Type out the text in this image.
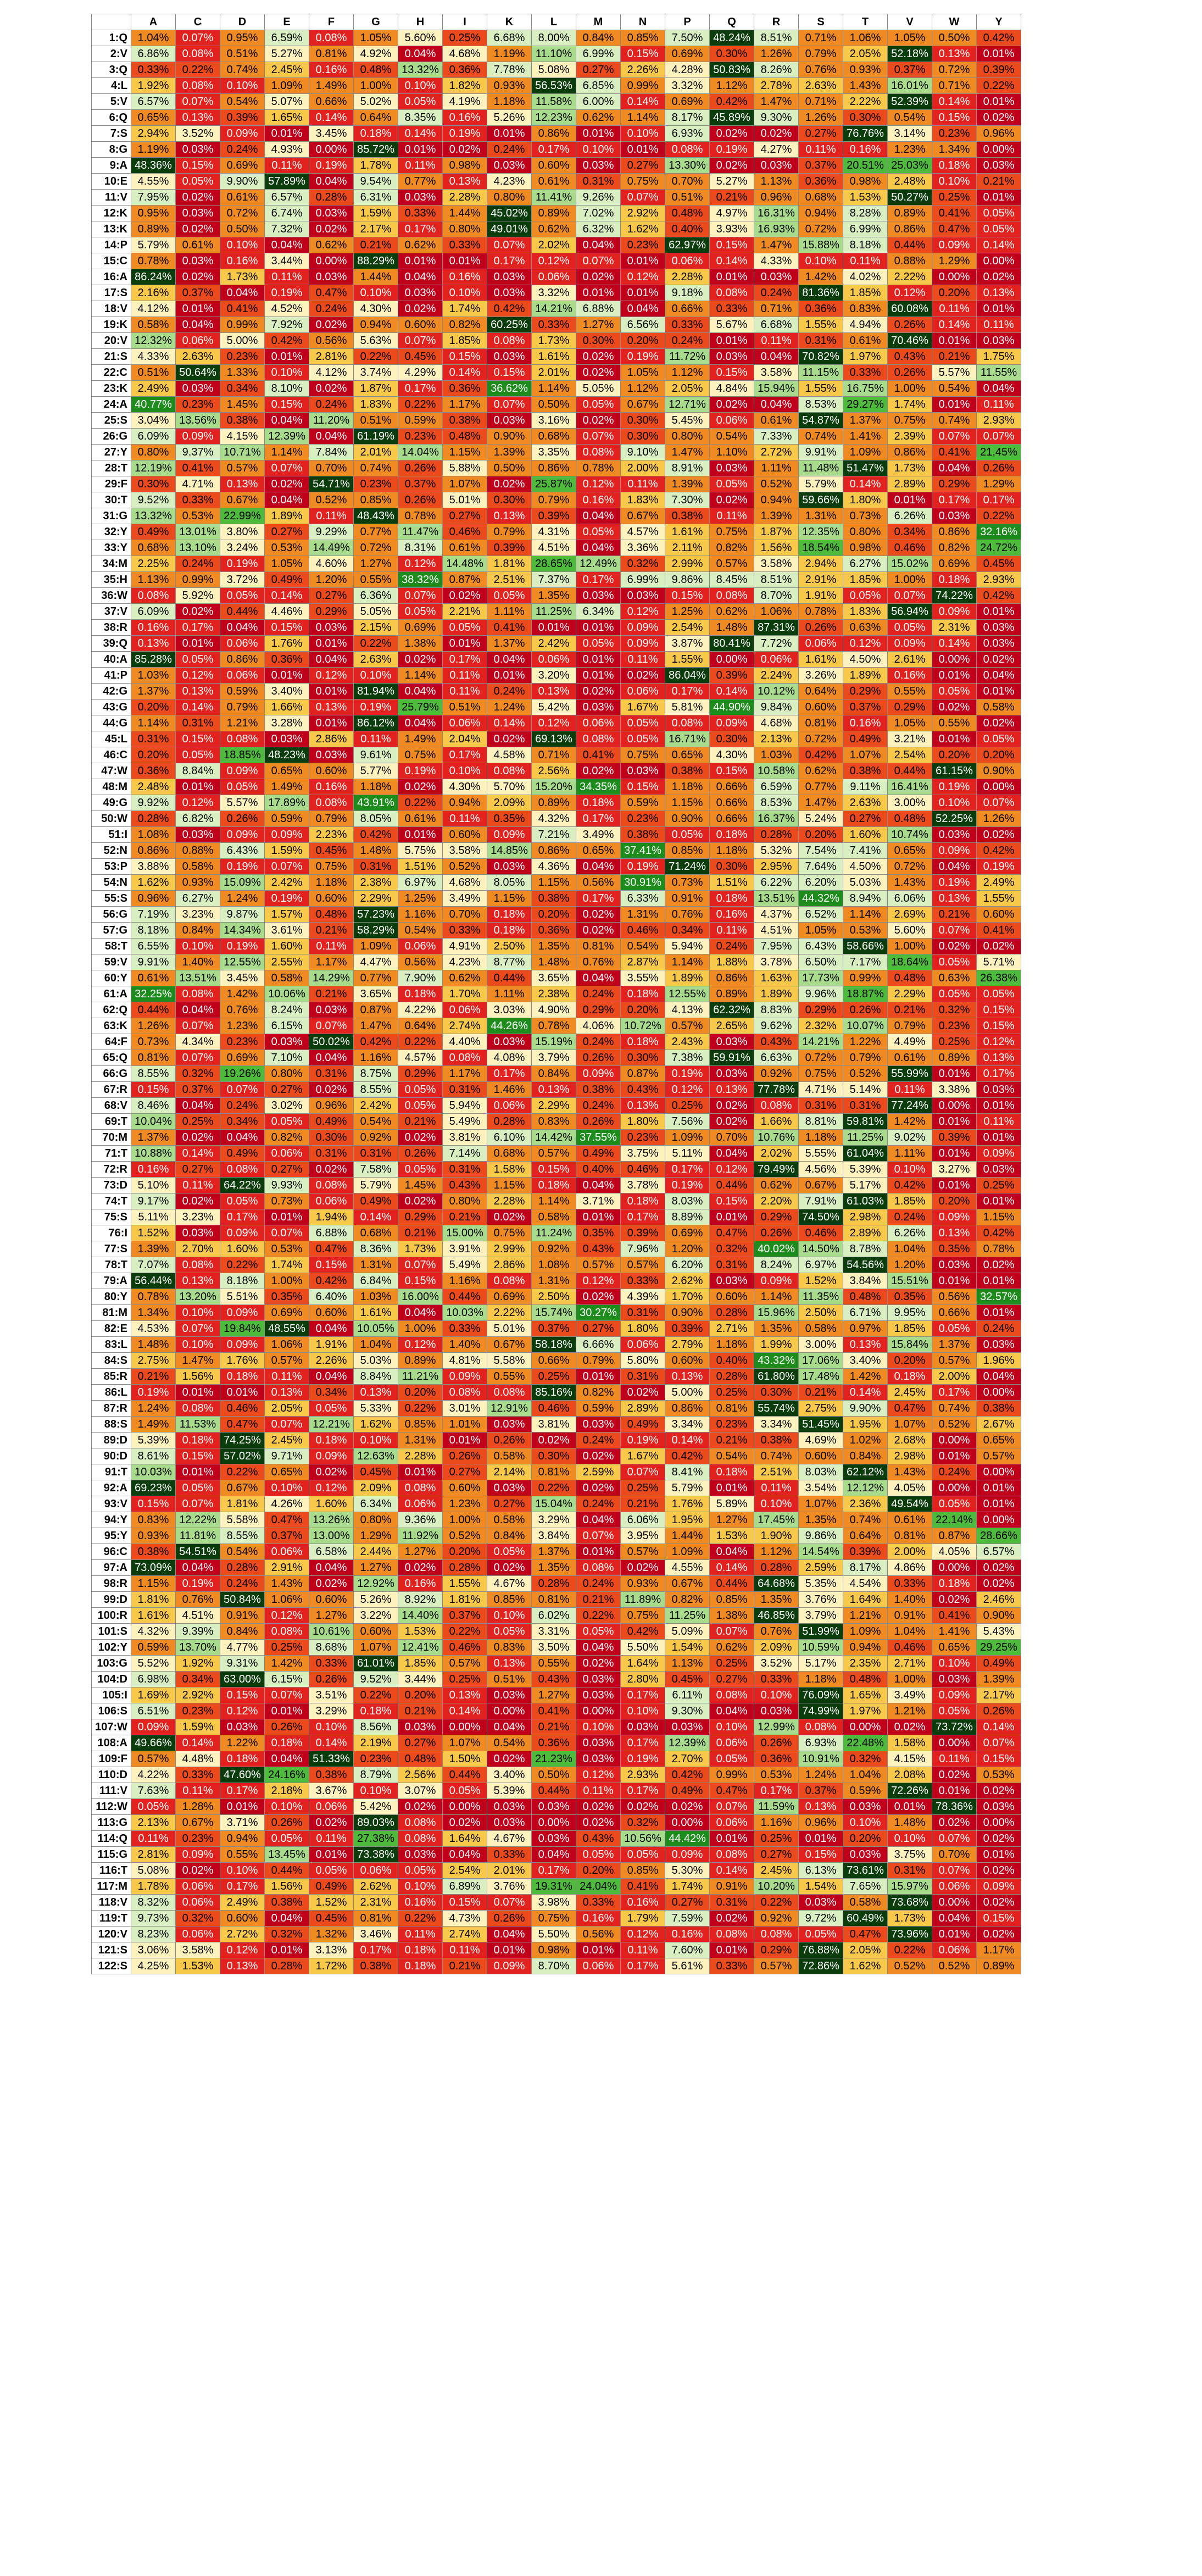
	A	C	D	E	F	G	H	I	K	L	M	N	P	Q	R	S	T	V	W	Y
1:Q	1.04%	0.07%	0.95%	6.59%	0.08%	1.05%	5.60%	0.25%	6.68%	8.00%	0.84%	0.85%	7.50%	48.24%	8.51%	0.71%	1.06%	1.05%	0.50%	0.42%
2:V	6.86%	0.08%	0.51%	5.27%	0.81%	4.92%	0.04%	4.68%	1.19%	11.10%	6.99%	0.15%	0.69%	0.30%	1.26%	0.79%	2.05%	52.18%	0.13%	0.01%
3:Q	0.33%	0.22%	0.74%	2.45%	0.16%	0.48%	13.32%	0.36%	7.78%	5.08%	0.27%	2.26%	4.28%	50.83%	8.26%	0.76%	0.93%	0.37%	0.72%	0.39%
4:L	1.92%	0.08%	0.10%	1.09%	1.49%	1.00%	0.10%	1.82%	0.93%	56.53%	6.85%	0.99%	3.32%	1.12%	2.78%	2.63%	1.43%	16.01%	0.71%	0.22%
5:V	6.57%	0.07%	0.54%	5.07%	0.66%	5.02%	0.05%	4.19%	1.18%	11.58%	6.00%	0.14%	0.69%	0.42%	1.47%	0.71%	2.22%	52.39%	0.14%	0.01%
6:Q	0.65%	0.13%	0.39%	1.65%	0.14%	0.64%	8.35%	0.16%	5.26%	12.23%	0.62%	1.14%	8.17%	45.89%	9.30%	1.26%	0.30%	0.54%	0.15%	0.02%
7:S	2.94%	3.52%	0.09%	0.01%	3.45%	0.18%	0.14%	0.19%	0.01%	0.86%	0.01%	0.10%	6.93%	0.02%	0.02%	0.27%	76.76%	3.14%	0.23%	0.96%
8:G	1.19%	0.03%	0.24%	4.93%	0.00%	85.72%	0.01%	0.02%	0.24%	0.17%	0.10%	0.01%	0.08%	0.19%	4.27%	0.11%	0.16%	1.23%	1.34%	0.00%
9:A	48.36%	0.15%	0.69%	0.11%	0.19%	1.78%	0.11%	0.98%	0.03%	0.60%	0.03%	0.27%	13.30%	0.02%	0.03%	0.37%	20.51%	25.03%	0.18%	0.03%
10:E	4.55%	0.05%	9.90%	57.89%	0.04%	9.54%	0.77%	0.13%	4.23%	0.61%	0.31%	0.75%	0.70%	5.27%	1.13%	0.36%	0.98%	2.48%	0.10%	0.21%
11:V	7.95%	0.02%	0.61%	6.57%	0.28%	6.31%	0.03%	2.28%	0.80%	11.41%	9.26%	0.07%	0.51%	0.21%	0.96%	0.68%	1.53%	50.27%	0.25%	0.01%
12:K	0.95%	0.03%	0.72%	6.74%	0.03%	1.59%	0.33%	1.44%	45.02%	0.89%	7.02%	2.92%	0.48%	4.97%	16.31%	0.94%	8.28%	0.89%	0.41%	0.05%
13:K	0.89%	0.02%	0.50%	7.32%	0.02%	2.17%	0.17%	0.80%	49.01%	0.62%	6.32%	1.62%	0.40%	3.93%	16.93%	0.72%	6.99%	0.86%	0.47%	0.05%
14:P	5.79%	0.61%	0.10%	0.04%	0.62%	0.21%	0.62%	0.33%	0.07%	2.02%	0.04%	0.23%	62.97%	0.15%	1.47%	15.88%	8.18%	0.44%	0.09%	0.14%
15:C	0.78%	0.03%	0.16%	3.44%	0.00%	88.29%	0.01%	0.01%	0.17%	0.12%	0.07%	0.01%	0.06%	0.14%	4.33%	0.10%	0.11%	0.88%	1.29%	0.00%
16:A	86.24%	0.02%	1.73%	0.11%	0.03%	1.44%	0.04%	0.16%	0.03%	0.06%	0.02%	0.12%	2.28%	0.01%	0.03%	1.42%	4.02%	2.22%	0.00%	0.02%
17:S	2.16%	0.37%	0.04%	0.19%	0.47%	0.10%	0.03%	0.10%	0.03%	3.32%	0.01%	0.01%	9.18%	0.08%	0.24%	81.36%	1.85%	0.12%	0.20%	0.13%
18:V	4.12%	0.01%	0.41%	4.52%	0.24%	4.30%	0.02%	1.74%	0.42%	14.21%	6.88%	0.04%	0.66%	0.33%	0.71%	0.36%	0.83%	60.08%	0.11%	0.01%
19:K	0.58%	0.04%	0.99%	7.92%	0.02%	0.94%	0.60%	0.82%	60.25%	0.33%	1.27%	6.56%	0.33%	5.67%	6.68%	1.55%	4.94%	0.26%	0.14%	0.11%
20:V	12.32%	0.06%	5.00%	0.42%	0.56%	5.63%	0.07%	1.85%	0.08%	1.73%	0.30%	0.20%	0.24%	0.01%	0.11%	0.31%	0.61%	70.46%	0.01%	0.03%
21:S	4.33%	2.63%	0.23%	0.01%	2.81%	0.22%	0.45%	0.15%	0.03%	1.61%	0.02%	0.19%	11.72%	0.03%	0.04%	70.82%	1.97%	0.43%	0.21%	1.75%
22:C	0.51%	50.64%	1.33%	0.10%	4.12%	3.74%	4.29%	0.14%	0.15%	2.01%	0.02%	1.05%	1.12%	0.15%	3.58%	11.15%	0.33%	0.26%	5.57%	11.55%
23:K	2.49%	0.03%	0.34%	8.10%	0.02%	1.87%	0.17%	0.36%	36.62%	1.14%	5.05%	1.12%	2.05%	4.84%	15.94%	1.55%	16.75%	1.00%	0.54%	0.04%
24:A	40.77%	0.23%	1.45%	0.15%	0.24%	1.83%	0.22%	1.17%	0.07%	0.50%	0.05%	0.67%	12.71%	0.02%	0.04%	8.53%	29.27%	1.74%	0.01%	0.11%
25:S	3.04%	13.56%	0.38%	0.04%	11.20%	0.51%	0.59%	0.38%	0.03%	3.16%	0.02%	0.30%	5.45%	0.06%	0.61%	54.87%	1.37%	0.75%	0.74%	2.93%
26:G	6.09%	0.09%	4.15%	12.39%	0.04%	61.19%	0.23%	0.48%	0.90%	0.68%	0.07%	0.30%	0.80%	0.54%	7.33%	0.74%	1.41%	2.39%	0.07%	0.07%
27:Y	0.80%	9.37%	10.71%	1.14%	7.84%	2.01%	14.04%	1.15%	1.39%	3.35%	0.08%	9.10%	1.47%	1.10%	2.72%	9.91%	1.09%	0.86%	0.41%	21.45%
28:T	12.19%	0.41%	0.57%	0.07%	0.70%	0.74%	0.26%	5.88%	0.50%	0.86%	0.78%	2.00%	8.91%	0.03%	1.11%	11.48%	51.47%	1.73%	0.04%	0.26%
29:F	0.30%	4.71%	0.13%	0.02%	54.71%	0.23%	0.37%	1.07%	0.02%	25.87%	0.12%	0.11%	1.39%	0.05%	0.52%	5.79%	0.14%	2.89%	0.29%	1.29%
30:T	9.52%	0.33%	0.67%	0.04%	0.52%	0.85%	0.26%	5.01%	0.30%	0.79%	0.16%	1.83%	7.30%	0.02%	0.94%	59.66%	1.80%	0.01%	0.17%	0.17%
31:G	13.32%	0.53%	22.99%	1.89%	0.11%	48.43%	0.78%	0.27%	0.13%	0.39%	0.04%	0.67%	0.38%	0.11%	1.39%	1.31%	0.73%	6.26%	0.03%	0.22%
32:Y	0.49%	13.01%	3.80%	0.27%	9.29%	0.77%	11.47%	0.46%	0.79%	4.31%	0.05%	4.57%	1.61%	0.75%	1.87%	12.35%	0.80%	0.34%	0.86%	32.16%
33:Y	0.68%	13.10%	3.24%	0.53%	14.49%	0.72%	8.31%	0.61%	0.39%	4.51%	0.04%	3.36%	2.11%	0.82%	1.56%	18.54%	0.98%	0.46%	0.82%	24.72%
34:M	2.25%	0.24%	0.19%	1.05%	4.60%	1.27%	0.12%	14.48%	1.81%	28.65%	12.49%	0.32%	2.99%	0.57%	3.58%	2.94%	6.27%	15.02%	0.69%	0.45%
35:H	1.13%	0.99%	3.72%	0.49%	1.20%	0.55%	38.32%	0.87%	2.51%	7.37%	0.17%	6.99%	9.86%	8.45%	8.51%	2.91%	1.85%	1.00%	0.18%	2.93%
36:W	0.08%	5.92%	0.05%	0.14%	0.27%	6.36%	0.07%	0.02%	0.05%	1.35%	0.03%	0.03%	0.15%	0.08%	8.70%	1.91%	0.05%	0.07%	74.22%	0.42%
37:V	6.09%	0.02%	0.44%	4.46%	0.29%	5.05%	0.05%	2.21%	1.11%	11.25%	6.34%	0.12%	1.25%	0.62%	1.06%	0.78%	1.83%	56.94%	0.09%	0.01%
38:R	0.16%	0.17%	0.04%	0.15%	0.03%	2.15%	0.69%	0.05%	0.41%	0.01%	0.01%	0.09%	2.54%	1.48%	87.31%	0.26%	0.63%	0.05%	2.31%	0.03%
39:Q	0.13%	0.01%	0.06%	1.76%	0.01%	0.22%	1.38%	0.01%	1.37%	2.42%	0.05%	0.09%	3.87%	80.41%	7.72%	0.06%	0.12%	0.09%	0.14%	0.03%
40:A	85.28%	0.05%	0.86%	0.36%	0.04%	2.63%	0.02%	0.17%	0.04%	0.06%	0.01%	0.11%	1.55%	0.00%	0.06%	1.61%	4.50%	2.61%	0.00%	0.02%
41:P	1.03%	0.12%	0.06%	0.01%	0.12%	0.10%	1.14%	0.11%	0.01%	3.20%	0.01%	0.02%	86.04%	0.39%	2.24%	3.26%	1.89%	0.16%	0.01%	0.04%
42:G	1.37%	0.13%	0.59%	3.40%	0.01%	81.94%	0.04%	0.11%	0.24%	0.13%	0.02%	0.06%	0.17%	0.14%	10.12%	0.64%	0.29%	0.55%	0.05%	0.01%
43:G	0.20%	0.14%	0.79%	1.66%	0.13%	0.19%	25.79%	0.51%	1.24%	5.42%	0.03%	1.67%	5.81%	44.90%	9.84%	0.60%	0.37%	0.29%	0.02%	0.58%
44:G	1.14%	0.31%	1.21%	3.28%	0.01%	86.12%	0.04%	0.06%	0.14%	0.12%	0.06%	0.05%	0.08%	0.09%	4.68%	0.81%	0.16%	1.05%	0.55%	0.02%
45:L	0.31%	0.15%	0.08%	0.03%	2.86%	0.11%	1.49%	2.04%	0.02%	69.13%	0.08%	0.05%	16.71%	0.30%	2.13%	0.72%	0.49%	3.21%	0.01%	0.05%
46:C	0.20%	0.05%	18.85%	48.23%	0.03%	9.61%	0.75%	0.17%	4.58%	0.71%	0.41%	0.75%	0.65%	4.30%	1.03%	0.42%	1.07%	2.54%	0.20%	0.20%
47:W	0.36%	8.84%	0.09%	0.65%	0.60%	5.77%	0.19%	0.10%	0.08%	2.56%	0.02%	0.03%	0.38%	0.15%	10.58%	0.62%	0.38%	0.44%	61.15%	0.90%
48:M	2.48%	0.01%	0.05%	1.49%	0.16%	1.18%	0.02%	4.30%	5.70%	15.20%	34.35%	0.15%	1.18%	0.66%	6.59%	0.77%	9.11%	16.41%	0.19%	0.00%
49:G	9.92%	0.12%	5.57%	17.89%	0.08%	43.91%	0.22%	0.94%	2.09%	0.89%	0.18%	0.59%	1.15%	0.66%	8.53%	1.47%	2.63%	3.00%	0.10%	0.07%
50:W	0.28%	6.82%	0.26%	0.59%	0.79%	8.05%	0.61%	0.11%	0.35%	4.32%	0.17%	0.23%	0.90%	0.66%	16.37%	5.24%	0.27%	0.48%	52.25%	1.26%
51:I	1.08%	0.03%	0.09%	0.09%	2.23%	0.42%	0.01%	0.60%	0.09%	7.21%	3.49%	0.38%	0.05%	0.18%	0.28%	0.20%	1.60%	10.74%	0.03%	0.02%
52:N	0.86%	0.88%	6.43%	1.59%	0.45%	1.48%	5.75%	3.58%	14.85%	0.86%	0.65%	37.41%	0.85%	1.18%	5.32%	7.54%	7.41%	0.65%	0.09%	0.42%
53:P	3.88%	0.58%	0.19%	0.07%	0.75%	0.31%	1.51%	0.52%	0.03%	4.36%	0.04%	0.19%	71.24%	0.30%	2.95%	7.64%	4.50%	0.72%	0.04%	0.19%
54:N	1.62%	0.93%	15.09%	2.42%	1.18%	2.38%	6.97%	4.68%	8.05%	1.15%	0.56%	30.91%	0.73%	1.51%	6.22%	6.20%	5.03%	1.43%	0.19%	2.49%
55:S	0.96%	6.27%	1.24%	0.19%	0.60%	2.29%	1.25%	3.49%	1.15%	0.38%	0.17%	6.33%	0.91%	0.18%	13.51%	44.32%	8.94%	6.06%	0.13%	1.55%
56:G	7.19%	3.23%	9.87%	1.57%	0.48%	57.23%	1.16%	0.70%	0.18%	0.20%	0.02%	1.31%	0.76%	0.16%	4.37%	6.52%	1.14%	2.69%	0.21%	0.60%
57:G	8.18%	0.84%	14.34%	3.61%	0.21%	58.29%	0.54%	0.33%	0.18%	0.36%	0.02%	0.46%	0.34%	0.11%	4.51%	1.05%	0.53%	5.60%	0.07%	0.41%
58:T	6.55%	0.10%	0.19%	1.60%	0.11%	1.09%	0.06%	4.91%	2.50%	1.35%	0.81%	0.54%	5.94%	0.24%	7.95%	6.43%	58.66%	1.00%	0.02%	0.02%
59:V	9.91%	1.40%	12.55%	2.55%	1.17%	4.47%	0.56%	4.23%	8.77%	1.48%	0.76%	2.87%	1.14%	1.88%	3.78%	6.50%	7.17%	18.64%	0.05%	5.71%
60:Y	0.61%	13.51%	3.45%	0.58%	14.29%	0.77%	7.90%	0.62%	0.44%	3.65%	0.04%	3.55%	1.89%	0.86%	1.63%	17.73%	0.99%	0.48%	0.63%	26.38%
61:A	32.25%	0.08%	1.42%	10.06%	0.21%	3.65%	0.18%	1.70%	1.11%	2.38%	0.24%	0.18%	12.55%	0.89%	1.89%	9.96%	18.87%	2.29%	0.05%	0.05%
62:Q	0.44%	0.04%	0.76%	8.24%	0.03%	0.87%	4.22%	0.06%	3.03%	4.90%	0.29%	0.20%	4.13%	62.32%	8.83%	0.29%	0.26%	0.21%	0.32%	0.15%
63:K	1.26%	0.07%	1.23%	6.15%	0.07%	1.47%	0.64%	2.74%	44.26%	0.78%	4.06%	10.72%	0.57%	2.65%	9.62%	2.32%	10.07%	0.79%	0.23%	0.15%
64:F	0.73%	4.34%	0.23%	0.03%	50.02%	0.42%	0.22%	4.40%	0.03%	15.19%	0.24%	0.18%	2.43%	0.03%	0.43%	14.21%	1.22%	4.49%	0.25%	0.12%
65:Q	0.81%	0.07%	0.69%	7.10%	0.04%	1.16%	4.57%	0.08%	4.08%	3.79%	0.26%	0.30%	7.38%	59.91%	6.63%	0.72%	0.79%	0.61%	0.89%	0.13%
66:G	8.55%	0.32%	19.26%	0.80%	0.31%	8.75%	0.29%	1.17%	0.17%	0.84%	0.09%	0.87%	0.19%	0.03%	0.92%	0.75%	0.52%	55.99%	0.01%	0.17%
67:R	0.15%	0.37%	0.07%	0.27%	0.02%	8.55%	0.05%	0.31%	1.46%	0.13%	0.38%	0.43%	0.12%	0.13%	77.78%	4.71%	5.14%	0.11%	3.38%	0.03%
68:V	8.46%	0.04%	0.24%	3.02%	0.96%	2.42%	0.05%	5.94%	0.06%	2.29%	0.24%	0.13%	0.25%	0.02%	0.08%	0.31%	0.31%	77.24%	0.00%	0.01%
69:T	10.04%	0.25%	0.34%	0.05%	0.49%	0.54%	0.21%	5.49%	0.28%	0.83%	0.26%	1.80%	7.56%	0.02%	1.66%	8.81%	59.81%	1.42%	0.01%	0.11%
70:M	1.37%	0.02%	0.04%	0.82%	0.30%	0.92%	0.02%	3.81%	6.10%	14.42%	37.55%	0.23%	1.09%	0.70%	10.76%	1.18%	11.25%	9.02%	0.39%	0.01%
71:T	10.88%	0.14%	0.49%	0.06%	0.31%	0.31%	0.26%	7.14%	0.68%	0.57%	0.49%	3.75%	5.11%	0.04%	2.02%	5.55%	61.04%	1.11%	0.01%	0.09%
72:R	0.16%	0.27%	0.08%	0.27%	0.02%	7.58%	0.05%	0.31%	1.58%	0.15%	0.40%	0.46%	0.17%	0.12%	79.49%	4.56%	5.39%	0.10%	3.27%	0.03%
73:D	5.10%	0.11%	64.22%	9.93%	0.08%	5.79%	1.45%	0.43%	1.15%	0.18%	0.04%	3.78%	0.19%	0.44%	0.62%	0.67%	5.17%	0.42%	0.01%	0.25%
74:T	9.17%	0.02%	0.05%	0.73%	0.06%	0.49%	0.02%	0.80%	2.28%	1.14%	3.71%	0.18%	8.03%	0.15%	2.20%	7.91%	61.03%	1.85%	0.20%	0.01%
75:S	5.11%	3.23%	0.17%	0.01%	1.94%	0.14%	0.29%	0.21%	0.02%	0.58%	0.01%	0.17%	8.89%	0.01%	0.29%	74.50%	2.98%	0.24%	0.09%	1.15%
76:I	1.52%	0.03%	0.09%	0.07%	6.88%	0.68%	0.21%	15.00%	0.75%	11.24%	0.35%	0.39%	0.69%	0.47%	0.26%	0.46%	2.89%	6.26%	0.13%	0.42%
77:S	1.39%	2.70%	1.60%	0.53%	0.47%	8.36%	1.73%	3.91%	2.99%	0.92%	0.43%	7.96%	1.20%	0.32%	40.02%	14.50%	8.78%	1.04%	0.35%	0.78%
78:T	7.07%	0.08%	0.22%	1.74%	0.15%	1.31%	0.07%	5.49%	2.86%	1.08%	0.57%	0.57%	6.20%	0.31%	8.24%	6.97%	54.56%	1.20%	0.03%	0.02%
79:A	56.44%	0.13%	8.18%	1.00%	0.42%	6.84%	0.15%	1.16%	0.08%	1.31%	0.12%	0.33%	2.62%	0.03%	0.09%	1.52%	3.84%	15.51%	0.01%	0.01%
80:Y	0.78%	13.20%	5.51%	0.35%	6.40%	1.03%	16.00%	0.44%	0.69%	2.50%	0.02%	4.39%	1.70%	0.60%	1.14%	11.35%	0.48%	0.35%	0.56%	32.57%
81:M	1.34%	0.10%	0.09%	0.69%	0.60%	1.61%	0.04%	10.03%	2.22%	15.74%	30.27%	0.31%	0.90%	0.28%	15.96%	2.50%	6.71%	9.95%	0.66%	0.01%
82:E	4.53%	0.07%	19.84%	48.55%	0.04%	10.05%	1.00%	0.33%	5.01%	0.37%	0.27%	1.80%	0.39%	2.71%	1.35%	0.58%	0.97%	1.85%	0.05%	0.24%
83:L	1.48%	0.10%	0.09%	1.06%	1.91%	1.04%	0.12%	1.40%	0.67%	58.18%	6.66%	0.06%	2.79%	1.18%	1.99%	3.00%	0.13%	15.84%	1.37%	0.03%
84:S	2.75%	1.47%	1.76%	0.57%	2.26%	5.03%	0.89%	4.81%	5.58%	0.66%	0.79%	5.80%	0.60%	0.40%	43.32%	17.06%	3.40%	0.20%	0.57%	1.96%
85:R	0.21%	1.56%	0.18%	0.11%	0.04%	8.84%	11.21%	0.09%	0.55%	0.25%	0.01%	0.31%	0.13%	0.28%	61.80%	17.48%	1.42%	0.18%	2.00%	0.04%
86:L	0.19%	0.01%	0.01%	0.13%	0.34%	0.13%	0.20%	0.08%	0.08%	85.16%	0.82%	0.02%	5.00%	0.25%	0.30%	0.21%	0.14%	2.45%	0.17%	0.00%
87:R	1.24%	0.08%	0.46%	2.05%	0.05%	5.33%	0.22%	3.01%	12.91%	0.46%	0.59%	2.89%	0.86%	0.81%	55.74%	2.75%	9.90%	0.47%	0.74%	0.38%
88:S	1.49%	11.53%	0.47%	0.07%	12.21%	1.62%	0.85%	1.01%	0.03%	3.81%	0.03%	0.49%	3.34%	0.23%	3.34%	51.45%	1.95%	1.07%	0.52%	2.67%
89:D	5.39%	0.18%	74.25%	2.45%	0.18%	0.10%	1.31%	0.01%	0.26%	0.02%	0.24%	0.19%	0.14%	0.21%	0.38%	4.69%	1.02%	2.68%	0.00%	0.65%
90:D	8.61%	0.15%	57.02%	9.71%	0.09%	12.63%	2.28%	0.26%	0.58%	0.30%	0.02%	1.67%	0.42%	0.54%	0.74%	0.60%	0.84%	2.98%	0.01%	0.57%
91:T	10.03%	0.01%	0.22%	0.65%	0.02%	0.45%	0.01%	0.27%	2.14%	0.81%	2.59%	0.07%	8.41%	0.18%	2.51%	8.03%	62.12%	1.43%	0.24%	0.00%
92:A	69.23%	0.05%	0.67%	0.10%	0.12%	2.09%	0.08%	0.60%	0.03%	0.22%	0.02%	0.25%	5.79%	0.01%	0.11%	3.54%	12.12%	4.05%	0.00%	0.01%
93:V	0.15%	0.07%	1.81%	4.26%	1.60%	6.34%	0.06%	1.23%	0.27%	15.04%	0.24%	0.21%	1.76%	5.89%	0.10%	1.07%	2.36%	49.54%	0.05%	0.01%
94:Y	0.83%	12.22%	5.58%	0.47%	13.26%	0.80%	9.36%	1.00%	0.58%	3.29%	0.04%	6.06%	1.95%	1.27%	17.45%	1.35%	0.74%	0.61%	22.14%	0.00%
95:Y	0.93%	11.81%	8.55%	0.37%	13.00%	1.29%	11.92%	0.52%	0.84%	3.84%	0.07%	3.95%	1.44%	1.53%	1.90%	9.86%	0.64%	0.81%	0.87%	28.66%
96:C	0.38%	54.51%	0.54%	0.06%	6.58%	2.44%	1.27%	0.20%	0.05%	1.37%	0.01%	0.57%	1.09%	0.04%	1.12%	14.54%	0.39%	2.00%	4.05%	6.57%
97:A	73.09%	0.04%	0.28%	2.91%	0.04%	1.27%	0.02%	0.28%	0.02%	1.35%	0.08%	0.02%	4.55%	0.14%	0.28%	2.59%	8.17%	4.86%	0.00%	0.02%
98:R	1.15%	0.19%	0.24%	1.43%	0.02%	12.92%	0.16%	1.55%	4.67%	0.28%	0.24%	0.93%	0.67%	0.44%	64.68%	5.35%	4.54%	0.33%	0.18%	0.02%
99:D	1.81%	0.76%	50.84%	1.06%	0.60%	5.26%	8.92%	1.81%	0.85%	0.81%	0.21%	11.89%	0.82%	0.85%	1.35%	3.76%	1.64%	1.40%	0.02%	2.46%
100:R	1.61%	4.51%	0.91%	0.12%	1.27%	3.22%	14.40%	0.37%	0.10%	6.02%	0.22%	0.75%	11.25%	1.38%	46.85%	3.79%	1.21%	0.91%	0.41%	0.90%
101:S	4.32%	9.39%	0.84%	0.08%	10.61%	0.60%	1.53%	0.22%	0.05%	3.31%	0.05%	0.42%	5.09%	0.07%	0.76%	51.99%	1.09%	1.04%	1.41%	5.43%
102:Y	0.59%	13.70%	4.77%	0.25%	8.68%	1.07%	12.41%	0.46%	0.83%	3.50%	0.04%	5.50%	1.54%	0.62%	2.09%	10.59%	0.94%	0.46%	0.65%	29.25%
103:G	5.52%	1.92%	9.31%	1.42%	0.33%	61.01%	1.85%	0.57%	0.13%	0.55%	0.02%	1.64%	1.13%	0.25%	3.52%	5.17%	2.35%	2.71%	0.10%	0.49%
104:D	6.98%	0.34%	63.00%	6.15%	0.26%	9.52%	3.44%	0.25%	0.51%	0.43%	0.03%	2.80%	0.45%	0.27%	0.33%	1.18%	0.48%	1.00%	0.03%	1.39%
105:I	1.69%	2.92%	0.15%	0.07%	3.51%	0.22%	0.20%	0.13%	0.03%	1.27%	0.03%	0.17%	6.11%	0.08%	0.10%	76.09%	1.65%	3.49%	0.09%	2.17%
106:S	6.51%	0.23%	0.12%	0.01%	3.29%	0.18%	0.21%	0.14%	0.00%	0.41%	0.00%	0.10%	9.30%	0.04%	0.03%	74.99%	1.97%	1.21%	0.05%	0.26%
107:W	0.09%	1.59%	0.03%	0.26%	0.10%	8.56%	0.03%	0.00%	0.04%	0.21%	0.10%	0.03%	0.03%	0.10%	12.99%	0.08%	0.00%	0.02%	73.72%	0.14%
108:A	49.66%	0.14%	1.22%	0.18%	0.14%	2.19%	0.27%	1.07%	0.54%	0.36%	0.03%	0.17%	12.39%	0.06%	0.26%	6.93%	22.48%	1.58%	0.00%	0.07%
109:F	0.57%	4.48%	0.18%	0.04%	51.33%	0.23%	0.48%	1.50%	0.02%	21.23%	0.03%	0.19%	2.70%	0.05%	0.36%	10.91%	0.32%	4.15%	0.11%	0.15%
110:D	4.22%	0.33%	47.60%	24.16%	0.38%	8.79%	2.56%	0.44%	3.40%	0.50%	0.12%	2.93%	0.42%	0.99%	0.53%	1.24%	1.04%	2.08%	0.02%	0.53%
111:V	7.63%	0.11%	0.17%	2.18%	3.67%	0.10%	3.07%	0.05%	5.39%	0.44%	0.11%	0.17%	0.49%	0.47%	0.17%	0.37%	0.59%	72.26%	0.01%	0.02%
112:W	0.05%	1.28%	0.01%	0.10%	0.06%	5.42%	0.02%	0.00%	0.03%	0.03%	0.02%	0.02%	0.02%	0.07%	11.59%	0.13%	0.03%	0.01%	78.36%	0.03%
113:G	2.13%	0.67%	3.71%	0.26%	0.02%	89.03%	0.08%	0.02%	0.03%	0.00%	0.02%	0.32%	0.00%	0.06%	1.16%	0.96%	0.10%	1.48%	0.02%	0.00%
114:Q	0.11%	0.23%	0.94%	0.05%	0.11%	27.38%	0.08%	1.64%	4.67%	0.03%	0.43%	10.56%	44.42%	0.01%	0.25%	0.01%	0.20%	0.10%	0.07%	0.02%
115:G	2.81%	0.09%	0.55%	13.45%	0.01%	73.38%	0.03%	0.04%	0.33%	0.04%	0.05%	0.05%	0.09%	0.08%	0.27%	0.15%	0.03%	3.75%	0.70%	0.01%
116:T	5.08%	0.02%	0.10%	0.44%	0.05%	0.06%	0.05%	2.54%	2.01%	0.17%	0.20%	0.85%	5.30%	0.14%	2.45%	6.13%	73.61%	0.31%	0.07%	0.02%
117:M	1.78%	0.06%	0.17%	1.56%	0.49%	2.62%	0.10%	6.89%	3.76%	19.31%	24.04%	0.41%	1.74%	0.91%	10.20%	1.54%	7.65%	15.97%	0.06%	0.09%
118:V	8.32%	0.06%	2.49%	0.38%	1.52%	2.31%	0.16%	0.15%	0.07%	3.98%	0.33%	0.16%	0.27%	0.31%	0.22%	0.03%	0.58%	73.68%	0.00%	0.02%
119:T	9.73%	0.32%	0.60%	0.04%	0.45%	0.81%	0.22%	4.73%	0.26%	0.75%	0.16%	1.79%	7.59%	0.02%	0.92%	9.72%	60.49%	1.73%	0.04%	0.15%
120:V	8.23%	0.06%	2.72%	0.32%	1.32%	3.46%	0.11%	2.74%	0.04%	5.50%	0.56%	0.12%	0.16%	0.08%	0.08%	0.05%	0.47%	73.96%	0.01%	0.02%
121:S	3.06%	3.58%	0.12%	0.01%	3.13%	0.17%	0.18%	0.11%	0.01%	0.98%	0.01%	0.11%	7.60%	0.01%	0.29%	76.88%	2.05%	0.22%	0.06%	1.17%
122:S	4.25%	1.53%	0.13%	0.28%	1.72%	0.38%	0.18%	0.21%	0.09%	8.70%	0.06%	0.17%	5.61%	0.33%	0.57%	72.86%	1.62%	0.52%	0.52%	0.89%
